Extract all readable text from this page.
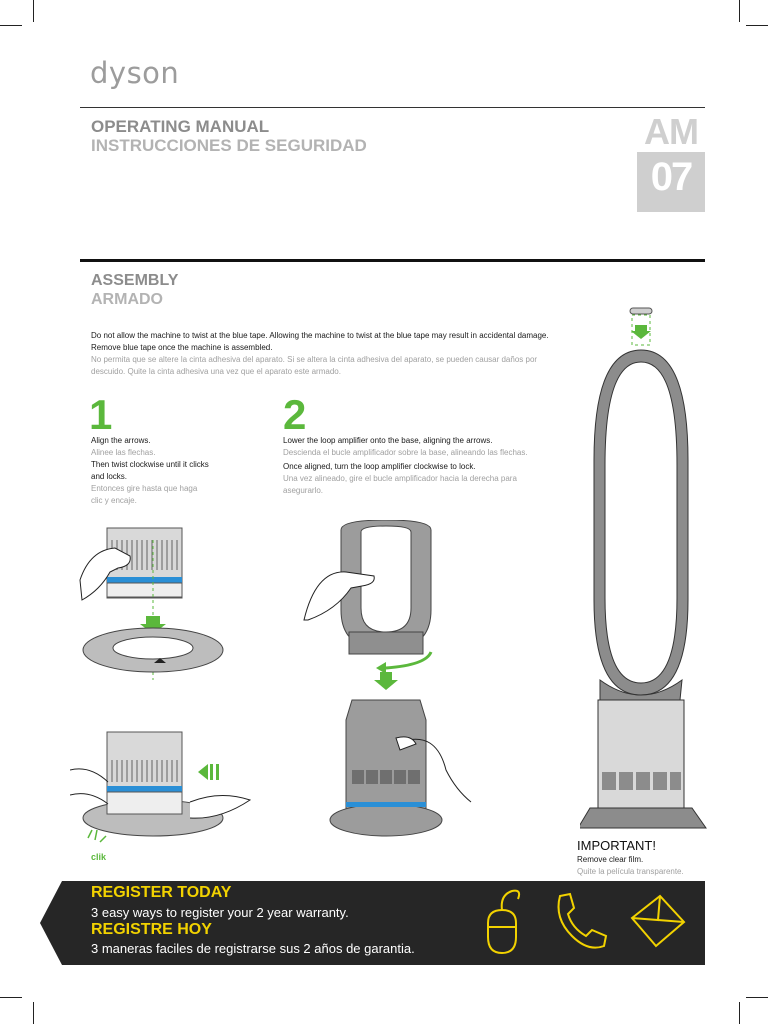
dyson
OPERATING MANUAL
INSTRUCCIONES DE SEGURIDAD	AM
07
ASSEMBLY
ARMADO
Do not allow the machine to twist at the blue tape. Allowing the machine to twist at the blue tape may result in accidental damage. Remove blue tape once the machine is assembled.
No permita que se altere la cinta adhesiva del aparato. Si se altera la cinta adhesiva del aparato, se pueden causar daños por descuido. Quite la cinta adhesiva una vez que el aparato este armado.
1
Align the arrows.
Alinee las flechas.
Then twist clockwise until it clicks and locks.
Entonces gire hasta que haga clic y encaje.
2
Lower the loop amplifier onto the base, aligning the arrows.
Descienda el bucle amplificador sobre la base, alineando las flechas.
Once aligned, turn the loop amplifier clockwise to lock.
Una vez alineado, gire el bucle amplificador hacia la derecha para asegurarlo.
clik
IMPORTANT!
Remove clear film.
Quite la película transparente.
REGISTER TODAY
3 easy ways to register your 2 year warranty.
REGISTRE HOY
3 maneras faciles de registrarse sus 2 años de garantia.
